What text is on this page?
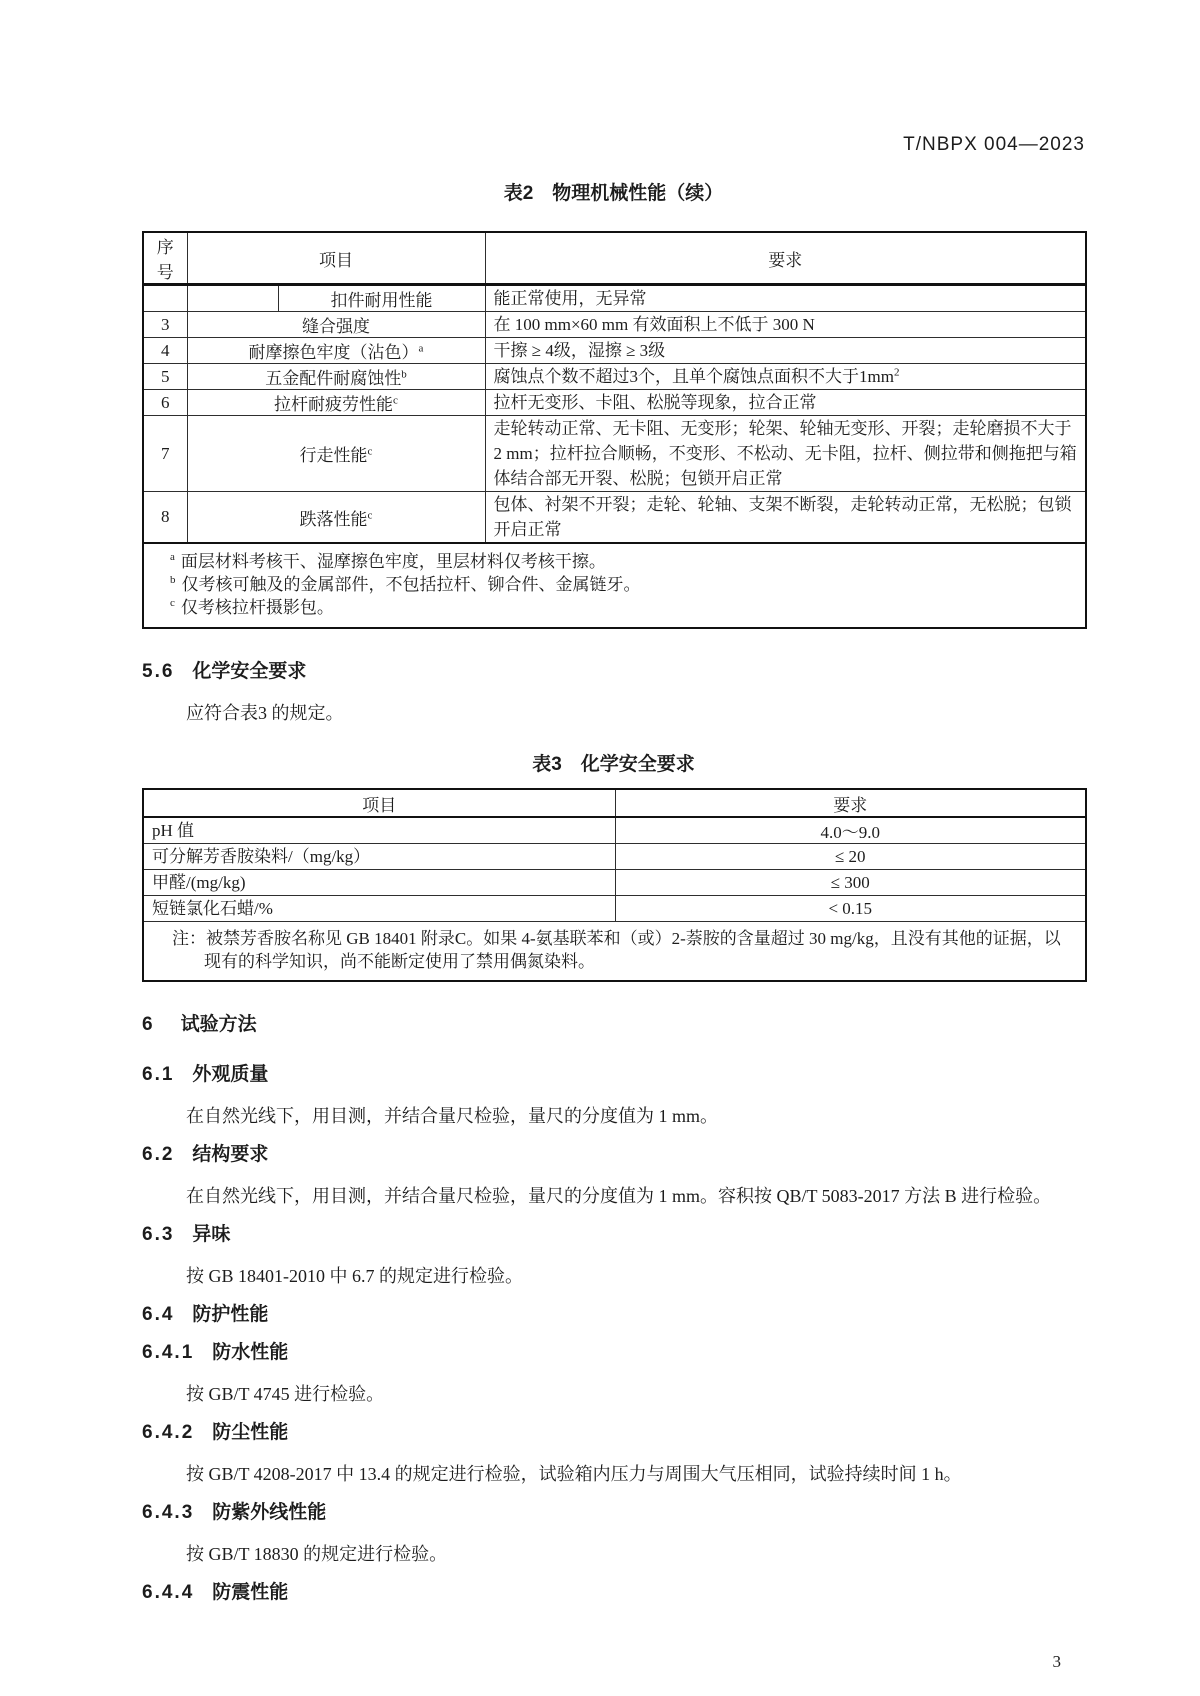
T/NBPX 004—2023
表2　物理机械性能（续）
序号	项目		要求
		扣件耐用性能	能正常使用，无异常
3	缝合强度		在 100 mm×60 mm 有效面积上不低于 300 N
4	耐摩擦色牢度（沾色）$^a$		干擦 ≥ 4级，湿擦 ≥ 3级
5	五金配件耐腐蚀性$^b$		腐蚀点个数不超过3个，且单个腐蚀点面积不大于$1mm^2$
6	拉杆耐疲劳性能$^c$		拉杆无变形、卡阻、松脱等现象，拉合正常
7	行走性能$^c$		走轮转动正常、无卡阻、无变形；轮架、轮轴无变形、开裂；走轮磨损不大于 2 mm；拉杆拉合顺畅，不变形、不松动、无卡阻，拉杆、侧拉带和侧拖把与箱体结合部无开裂、松脱；包锁开启正常
8	跌落性能$^c$		包体、衬架不开裂；走轮、轮轴、支架不断裂，走轮转动正常，无松脱；包锁开启正常

$^a$ 面层材料考核干、湿摩擦色牢度，里层材料仅考核干擦。
$^b$ 仅考核可触及的金属部件，不包括拉杆、铆合件、金属链牙。
$^c$ 仅考核拉杆摄影包。			
5.6 化学安全要求

应符合表3 的规定。

表3　化学安全要求
项目	要求
pH 值	4.0～9.0
可分解芳香胺染料/（mg/kg）	≤ 20
甲醛/(mg/kg)	≤ 300
短链氯化石蜡/%	< 0.15
注：被禁芳香胺名称见 GB 18401 附录C。如果 4-氨基联苯和（或）2-萘胺的含量超过 30 mg/kg，且没有其他的证据，以现有的科学知识，尚不能断定使用了禁用偶氮染料。	
6 试验方法
6.1 外观质量

在自然光线下，用目测，并结合量尺检验，量尺的分度值为 1 mm。

6.2 结构要求

在自然光线下，用目测，并结合量尺检验，量尺的分度值为 1 mm。容积按 QB/T 5083-2017 方法 B 进行检验。

6.3 异味

按 GB 18401-2010 中 6.7 的规定进行检验。

6.4 防护性能
6.4.1 防水性能

按 GB/T 4745 进行检验。

6.4.2 防尘性能

按 GB/T 4208-2017 中 13.4 的规定进行检验，试验箱内压力与周围大气压相同，试验持续时间 1 h。

6.4.3 防紫外线性能

按 GB/T 18830 的规定进行检验。

6.4.4 防震性能
3
